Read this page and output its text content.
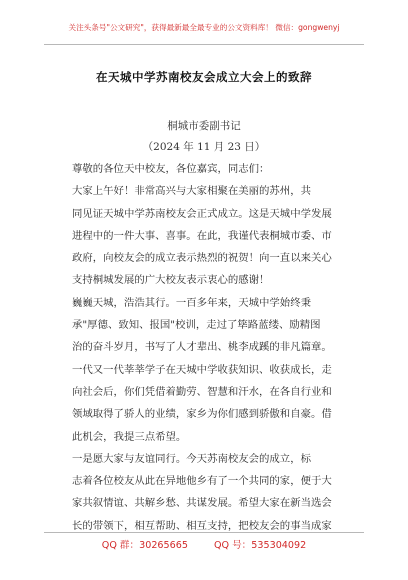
关注头条号"公文研究"，获得最新最全最专业的公文资料库！ 微信：gongwenyj
在天城中学苏南校友会成立大会上的致辞
桐城市委副书记
（2024 年 11 月 23 日）
尊敬的各位天中校友，各位嘉宾，同志们：
大家上午好！非常高兴与大家相聚在美丽的苏州，共
同见证天城中学苏南校友会正式成立。这是天城中学发展
进程中的一件大事、喜事。在此，我谨代表桐城市委、市
政府，向校友会的成立表示热烈的祝贺！向一直以来关心
支持桐城发展的广大校友表示衷心的感谢！
巍巍天城，浩浩其行。一百多年来，天城中学始终秉
承"厚德、致知、报国"校训，走过了筚路蓝缕、励精图
治的奋斗岁月，书写了人才辈出、桃李成蹊的非凡篇章。
一代又一代莘莘学子在天城中学收获知识、收获成长，走
向社会后，你们凭借着勤劳、智慧和汗水，在各自行业和
领域取得了骄人的业绩，家乡为你们感到骄傲和自豪。借
此机会，我提三点希望。
一是愿大家与友谊同行。今天苏南校友会的成立，标
志着各位校友从此在异地他乡有了一个共同的家，便于大
家共叙情谊、共解乡愁、共谋发展。希望大家在新当选会
长的带领下，相互帮助、相互支持，把校友会的事当成家
QQ 群：30265665	QQ 号：535304092
